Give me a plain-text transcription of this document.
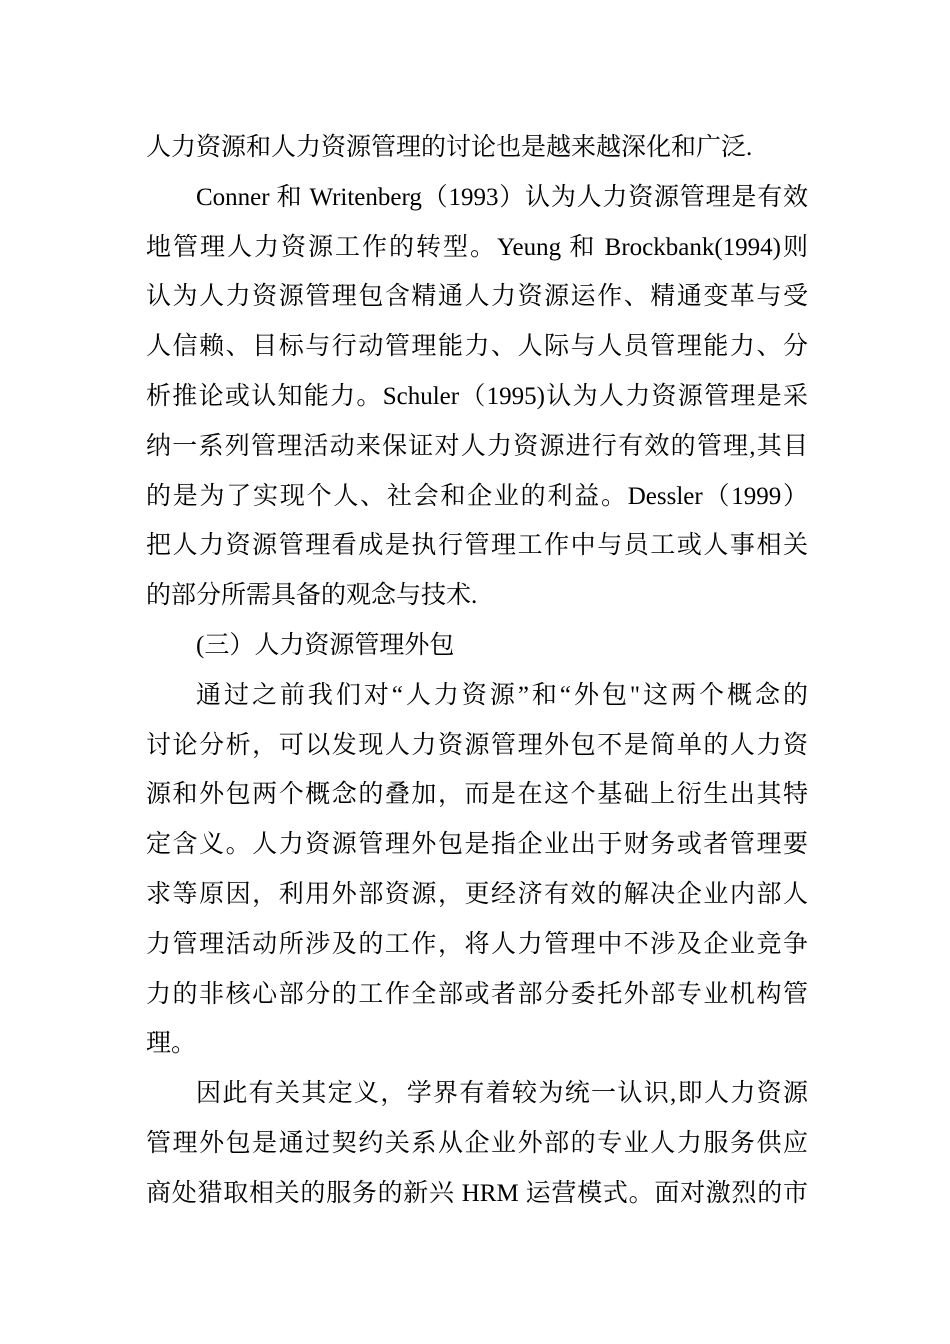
人力资源和人力资源管理的讨论也是越来越深化和广泛.
Conner 和 Writenberg（1993）认为人力资源管理是有效
地管理人力资源工作的转型。Yeung 和 Brockbank(1994)则
认为人力资源管理包含精通人力资源运作、精通变革与受
人信赖、目标与行动管理能力、人际与人员管理能力、分
析推论或认知能力。Schuler（1995)认为人力资源管理是采
纳一系列管理活动来保证对人力资源进行有效的管理,其目
的是为了实现个人、社会和企业的利益。Dessler（1999）
把人力资源管理看成是执行管理工作中与员工或人事相关
的部分所需具备的观念与技术.
(三）人力资源管理外包
通过之前我们对“人力资源”和“外包"这两个概念的
讨论分析，可以发现人力资源管理外包不是简单的人力资
源和外包两个概念的叠加，而是在这个基础上衍生出其特
定含义。人力资源管理外包是指企业出于财务或者管理要
求等原因，利用外部资源，更经济有效的解决企业内部人
力管理活动所涉及的工作，将人力管理中不涉及企业竞争
力的非核心部分的工作全部或者部分委托外部专业机构管
理。
因此有关其定义，学界有着较为统一认识,即人力资源
管理外包是通过契约关系从企业外部的专业人力服务供应
商处猎取相关的服务的新兴 HRM 运营模式。面对激烈的市
